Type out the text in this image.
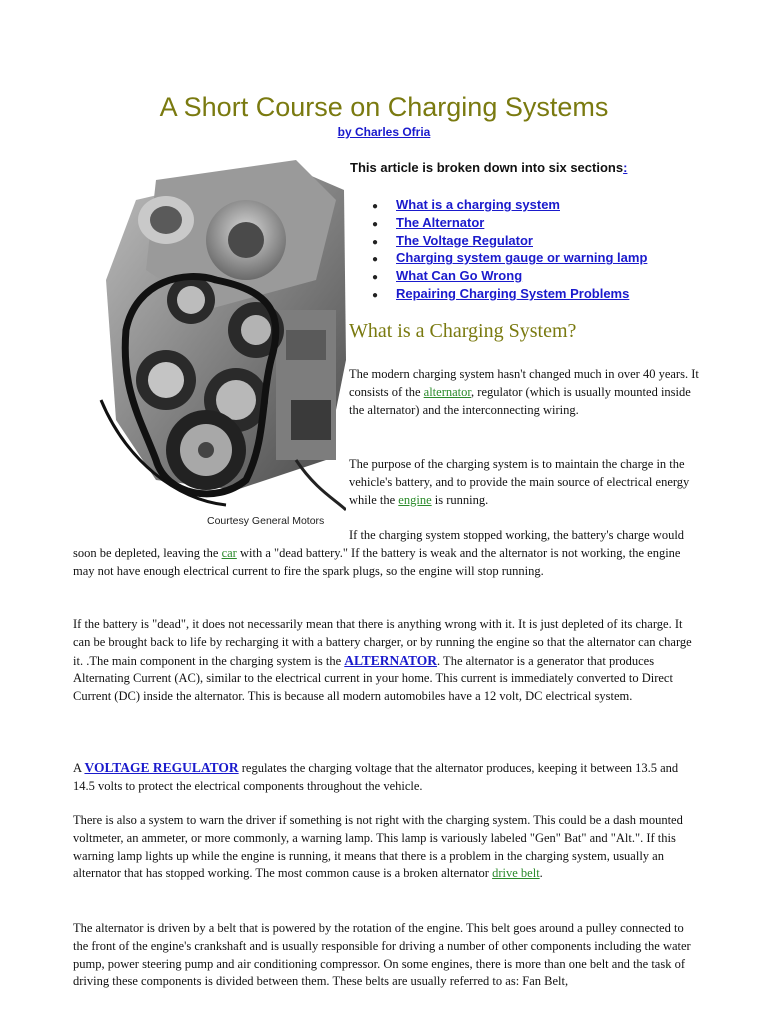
A Short Course on Charging Systems
by Charles Ofria
Courtesy General Motors
This article is broken down into six sections:
● What is a charging system
● The Alternator
● The Voltage Regulator
● Charging system gauge or warning lamp
● What Can Go Wrong
● Repairing Charging System Problems
What is a Charging System?

The modern charging system hasn't changed much in over 40 years. It consists of the alternator, regulator (which is usually mounted inside the alternator) and the interconnecting wiring.

The purpose of the charging system is to maintain the charge in the vehicle's battery, and to provide the main source of electrical energy while the engine is running.

If the charging system stopped working, the battery's charge would soon be depleted, leaving the car with a "dead battery." If the battery is weak and the alternator is not working, the engine may not have enough electrical current to fire the spark plugs, so the engine will stop running.

If the battery is "dead", it does not necessarily mean that there is anything wrong with it. It is just depleted of its charge. It can be brought back to life by recharging it with a battery charger, or by running the engine so that the alternator can charge it. .The main component in the charging system is the ALTERNATOR. The alternator is a generator that produces Alternating Current (AC), similar to the electrical current in your home. This current is immediately converted to Direct Current (DC) inside the alternator. This is because all modern automobiles have a 12 volt, DC electrical system.

A VOLTAGE REGULATOR regulates the charging voltage that the alternator produces, keeping it between 13.5 and 14.5 volts to protect the electrical components throughout the vehicle.

There is also a system to warn the driver if something is not right with the charging system. This could be a dash mounted voltmeter, an ammeter, or more commonly, a warning lamp. This lamp is variously labeled "Gen" Bat" and "Alt.". If this warning lamp lights up while the engine is running, it means that there is a problem in the charging system, usually an alternator that has stopped working. The most common cause is a broken alternator drive belt.

The alternator is driven by a belt that is powered by the rotation of the engine. This belt goes around a pulley connected to the front of the engine's crankshaft and is usually responsible for driving a number of other components including the water pump, power steering pump and air conditioning compressor. On some engines, there is more than one belt and the task of driving these components is divided between them. These belts are usually referred to as: Fan Belt,
